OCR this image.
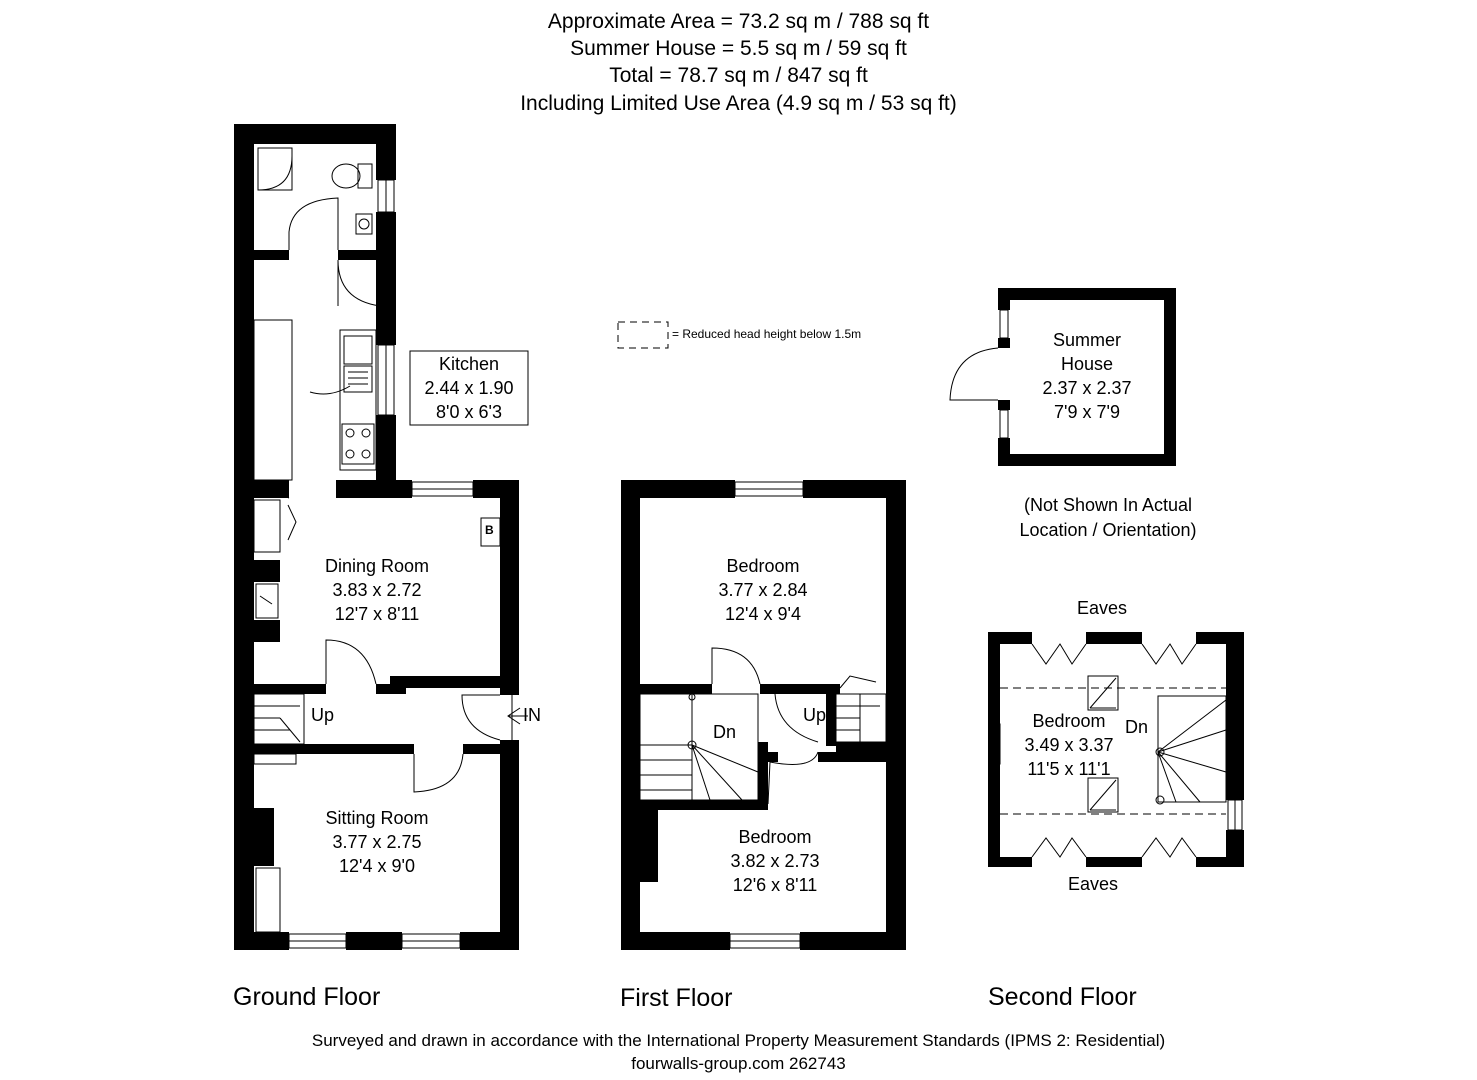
Approximate Area = 73.2 sq m / 788 sq ft
Summer House = 5.5 sq m / 59 sq ft
Total = 78.7 sq m / 847 sq ft
Including Limited Use Area (4.9 sq m / 53 sq ft)
Kitchen
2.44 x 1.90
8'0 x 6'3
B
Dining Room
3.83 x 2.72
12'7 x 8'11
Up	IN
Sitting Room
3.77 x 2.75
12'4 x 9'0
Bedroom
3.77 x 2.84
12'4 x 9'4
Dn
Up
Bedroom
3.82 x 2.73
12'6 x 8'11
= Reduced head height below 1.5m	Summer
House
2.37 x 2.37
7'9 x 7'9
(Not Shown In Actual
Location / Orientation)
Eaves
Bedroom
3.49 x 3.37
11'5 x 11'1
Dn
Eaves
Ground Floor	First Floor	Second Floor
Surveyed and drawn in accordance with the International Property Measurement Standards (IPMS 2: Residential)
fourwalls-group.com 262743
